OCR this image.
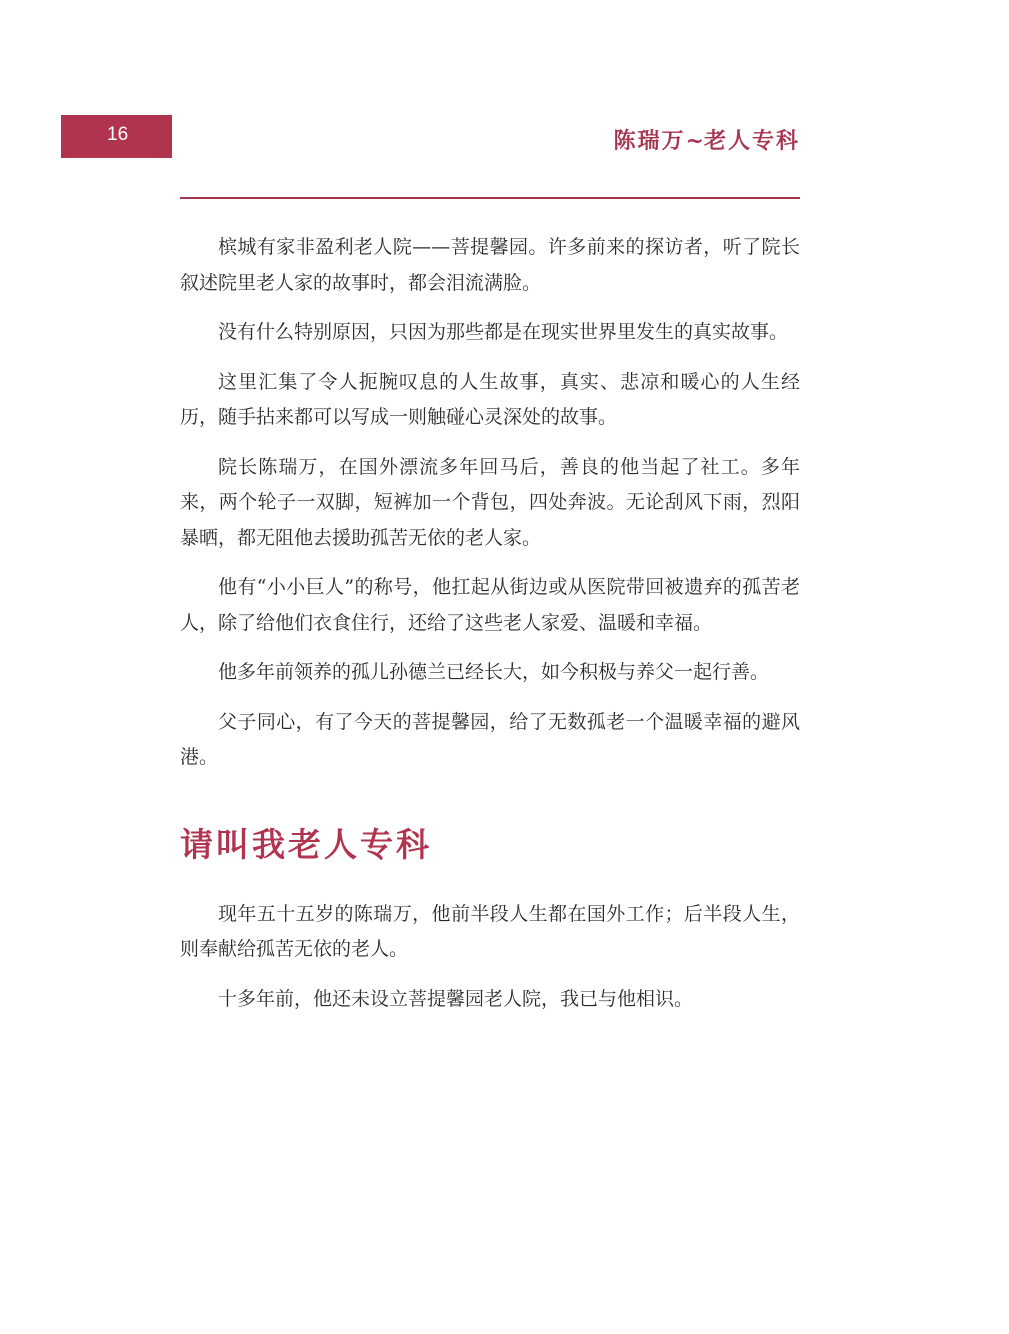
16	陈瑞万~老人专科

槟城有家非盈利老人院——菩提馨园。许多前来的探访者，听了院长叙述院里老人家的故事时，都会泪流满脸。

没有什么特别原因，只因为那些都是在现实世界里发生的真实故事。

这里汇集了令人扼腕叹息的人生故事，真实、悲凉和暖心的人生经历，随手拈来都可以写成一则触碰心灵深处的故事。

院长陈瑞万，在国外漂流多年回马后，善良的他当起了社工。多年来，两个轮子一双脚，短裤加一个背包，四处奔波。无论刮风下雨，烈阳暴晒，都无阻他去援助孤苦无依的老人家。

他有“小小巨人”的称号，他扛起从街边或从医院带回被遗弃的孤苦老人，除了给他们衣食住行，还给了这些老人家爱、温暖和幸福。

他多年前领养的孤儿孙德兰已经长大，如今积极与养父一起行善。

父子同心，有了今天的菩提馨园，给了无数孤老一个温暖幸福的避风港。

请叫我老人专科

现年五十五岁的陈瑞万，他前半段人生都在国外工作；后半段人生，则奉献给孤苦无依的老人。

十多年前，他还未设立菩提馨园老人院，我已与他相识。
